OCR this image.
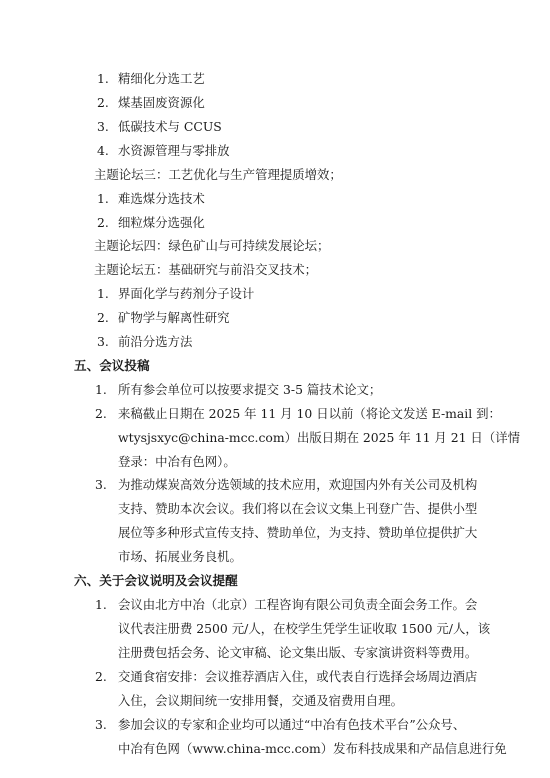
1. 精细化分选工艺
2. 煤基固废资源化
3. 低碳技术与 CCUS
4. 水资源管理与零排放
主题论坛三：工艺优化与生产管理提质增效；
1. 难选煤分选技术
2. 细粒煤分选强化
主题论坛四：绿色矿山与可持续发展论坛；
主题论坛五：基础研究与前沿交叉技术；
1. 界面化学与药剂分子设计
2. 矿物学与解离性研究
3. 前沿分选方法
五、会议投稿
1. 所有参会单位可以按要求提交 3-5 篇技术论文；
2. 来稿截止日期在 2025 年 11 月 10 日以前（将论文发送 E-mail 到：
wtysjsxyc@china-mcc.com）出版日期在 2025 年 11 月 21 日（详情
登录：中冶有色网）。
3. 为推动煤炭高效分选领域的技术应用，欢迎国内外有关公司及机构
支持、赞助本次会议。我们将以在会议文集上刊登广告、提供小型
展位等多种形式宣传支持、赞助单位，为支持、赞助单位提供扩大
市场、拓展业务良机。
六、关于会议说明及会议提醒
1. 会议由北方中冶（北京）工程咨询有限公司负责全面会务工作。会
议代表注册费 2500 元/人，在校学生凭学生证收取 1500 元/人，该
注册费包括会务、论文审稿、论文集出版、专家演讲资料等费用。
2. 交通食宿安排：会议推荐酒店入住，或代表自行选择会场周边酒店
入住，会议期间统一安排用餐，交通及宿费用自理。
3. 参加会议的专家和企业均可以通过“中冶有色技术平台”公众号、
中冶有色网（www.china-mcc.com）发布科技成果和产品信息进行免
